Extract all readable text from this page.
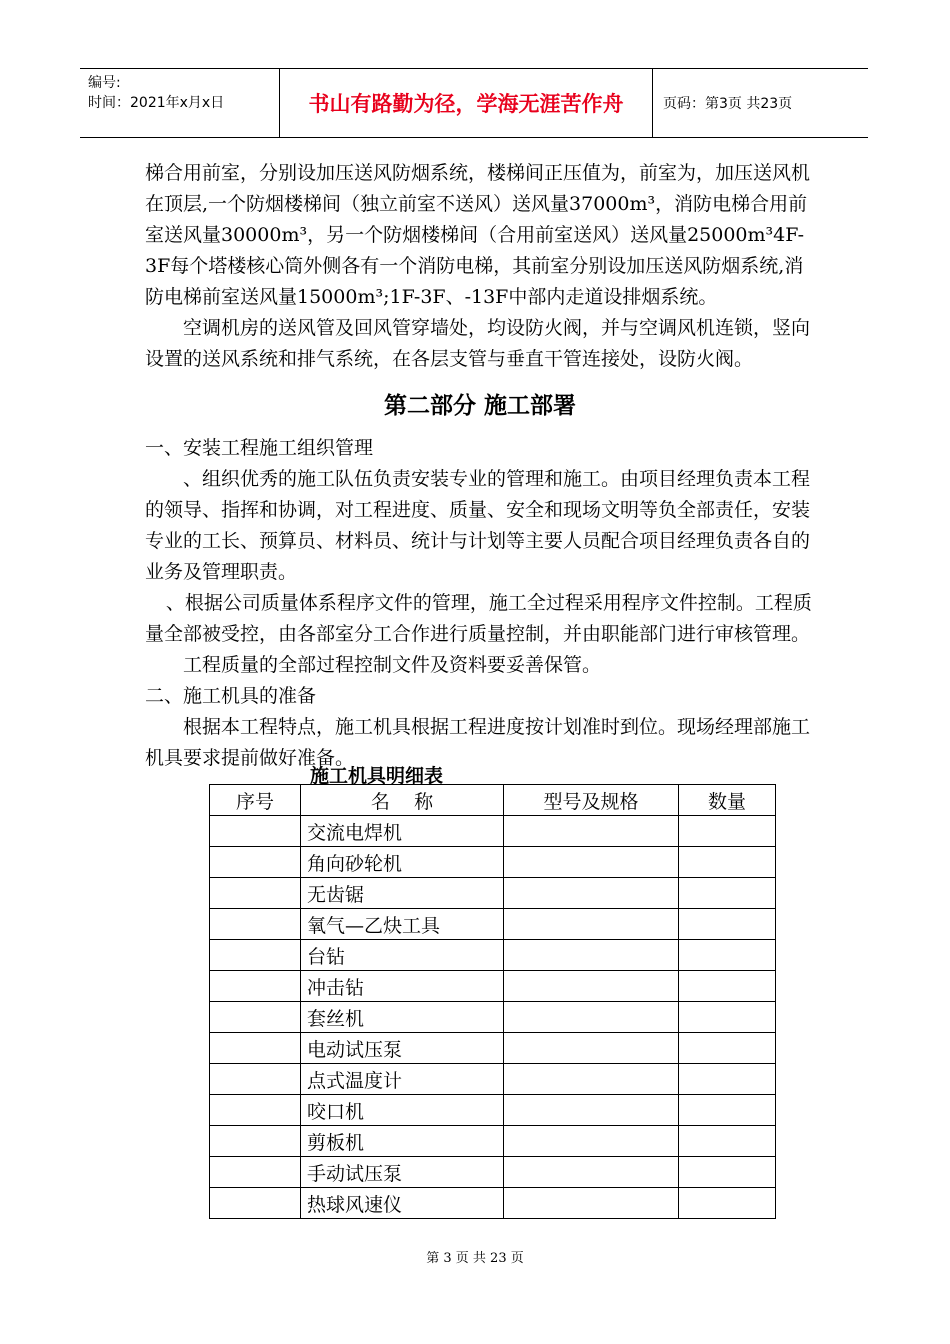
编号:
时间：2021年x月x日	书山有路勤为径，学海无涯苦作舟	页码：第3页 共23页

梯合用前室，分别设加压送风防烟系统，楼梯间正压值为，前室为，加压送风机在顶层,一个防烟楼梯间（独立前室不送风）送风量37000m³，消防电梯合用前室送风量30000m³，另一个防烟楼梯间（合用前室送风）送风量25000m³4F-3F每个塔楼核心筒外侧各有一个消防电梯，其前室分别设加压送风防烟系统,消防电梯前室送风量15000m³;1F-3F、-13F中部内走道设排烟系统。

空调机房的送风管及回风管穿墙处，均设防火阀，并与空调风机连锁，竖向设置的送风系统和排气系统，在各层支管与垂直干管连接处，设防火阀。

第二部分 施工部署

一、安装工程施工组织管理

、组织优秀的施工队伍负责安装专业的管理和施工。由项目经理负责本工程的领导、指挥和协调，对工程进度、质量、安全和现场文明等负全部责任，安装专业的工长、预算员、材料员、统计与计划等主要人员配合项目经理负责各自的业务及管理职责。

、根据公司质量体系程序文件的管理，施工全过程采用程序文件控制。工程质量全部被受控，由各部室分工合作进行质量控制，并由职能部门进行审核管理。

工程质量的全部过程控制文件及资料要妥善保管。

二、施工机具的准备

根据本工程特点，施工机具根据工程进度按计划准时到位。现场经理部施工机具要求提前做好准备。

施工机具明细表
序号	名    称	型号及规格	数量
	交流电焊机		
	角向砂轮机		
	无齿锯		
	氧气—乙炔工具		
	台钻		
	冲击钻		
	套丝机		
	电动试压泵		
	点式温度计		
	咬口机		
	剪板机		
	手动试压泵		
	热球风速仪		
第 3 页 共 23 页
